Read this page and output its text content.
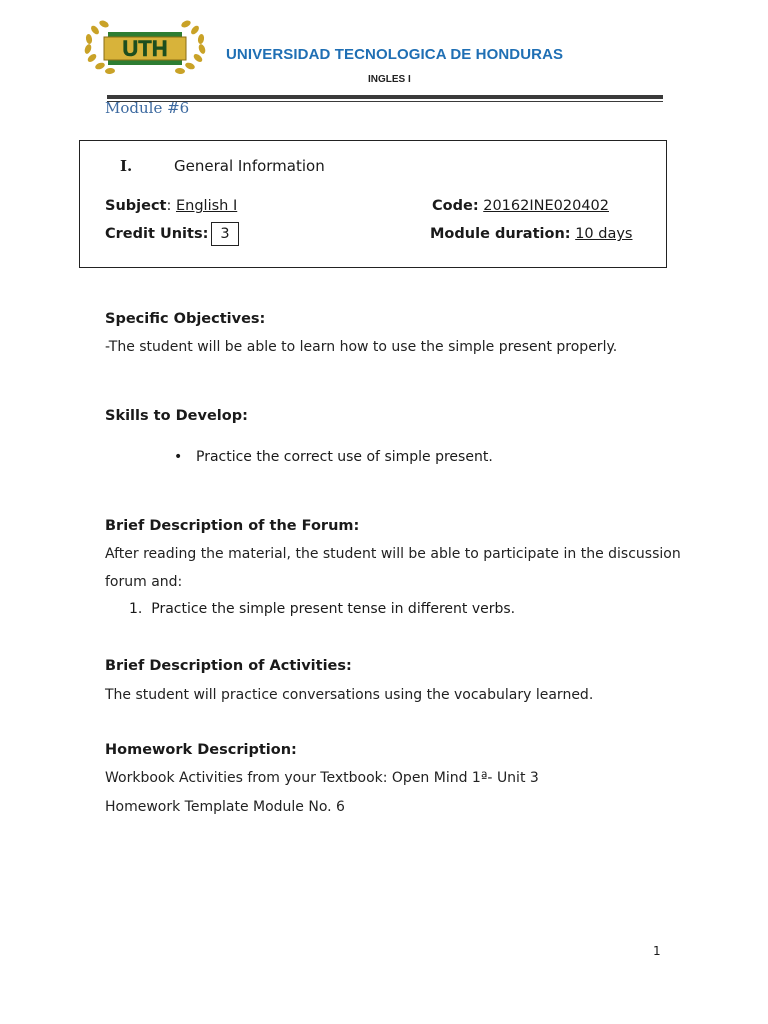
UTH	UNIVERSIDAD TECNOLOGICA DE HONDURAS
INGLES I
Module #6
I.	General Information
Subject: English I	Code: 20162INE020402
Credit Units: 3	Module duration: 10 days
Specific Objectives:
-The student will be able to learn how to use the simple present properly.
Skills to Develop:
• Practice the correct use of simple present.
Brief Description of the Forum:
After reading the material, the student will be able to participate in the discussion
forum and:
1. Practice the simple present tense in different verbs.
Brief Description of Activities:
The student will practice conversations using the vocabulary learned.
Homework Description:
Workbook Activities from your Textbook: Open Mind 1ª- Unit 3
Homework Template Module No. 6
1
